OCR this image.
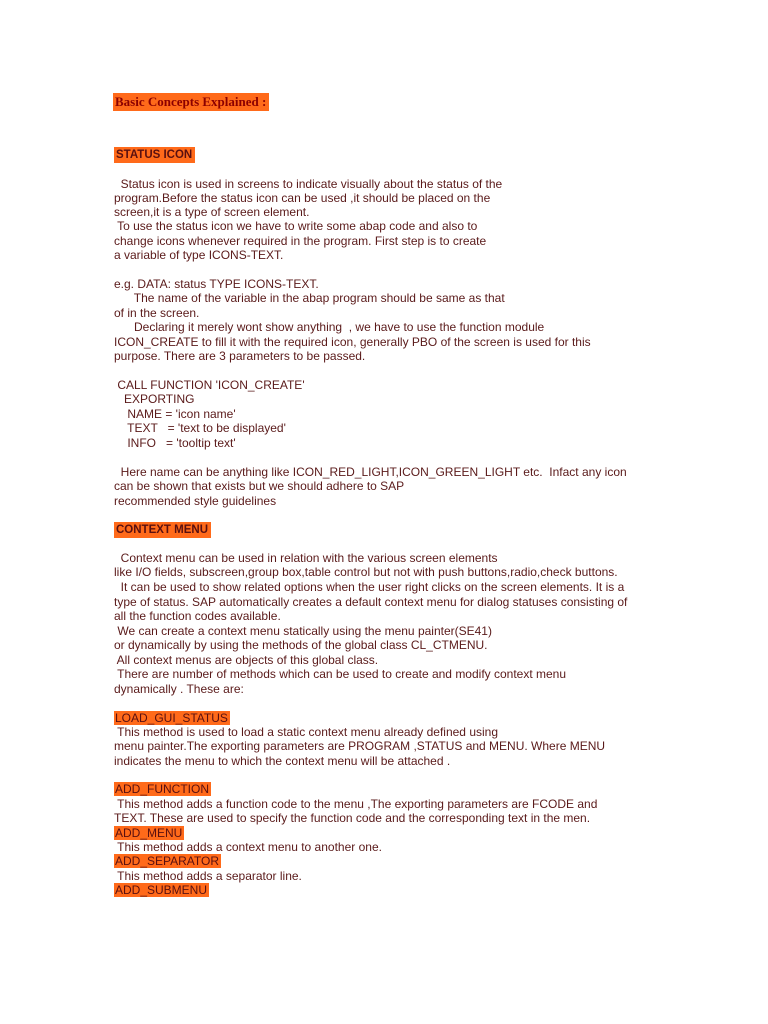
Basic Concepts Explained :
STATUS ICON
Status icon is used in screens to indicate visually about the status of the
program.Before the status icon can be used ,it should be placed on the
screen,it is a type of screen element.
To use the status icon we have to write some abap code and also to
change icons whenever required in the program. First step is to create
a variable of type ICONS-TEXT.
e.g. DATA: status TYPE ICONS-TEXT.
The name of the variable in the abap program should be same as that
of in the screen.
Declaring it merely wont show anything  , we have to use the function module
ICON_CREATE to fill it with the required icon, generally PBO of the screen is used for this
purpose. There are 3 parameters to be passed.
CALL FUNCTION 'ICON_CREATE'
EXPORTING
NAME = 'icon name'
TEXT   = 'text to be displayed'
INFO   = 'tooltip text'
Here name can be anything like ICON_RED_LIGHT,ICON_GREEN_LIGHT etc.  Infact any icon
can be shown that exists but we should adhere to SAP
recommended style guidelines
CONTEXT MENU
Context menu can be used in relation with the various screen elements
like I/O fields, subscreen,group box,table control but not with push buttons,radio,check buttons.
It can be used to show related options when the user right clicks on the screen elements. It is a
type of status. SAP automatically creates a default context menu for dialog statuses consisting of
all the function codes available.
We can create a context menu statically using the menu painter(SE41)
or dynamically by using the methods of the global class CL_CTMENU.
All context menus are objects of this global class.
There are number of methods which can be used to create and modify context menu
dynamically . These are:
LOAD_GUI_STATUS
This method is used to load a static context menu already defined using
menu painter.The exporting parameters are PROGRAM ,STATUS and MENU. Where MENU
indicates the menu to which the context menu will be attached .
ADD_FUNCTION
This method adds a function code to the menu ,The exporting parameters are FCODE and
TEXT. These are used to specify the function code and the corresponding text in the men.
ADD_MENU
This method adds a context menu to another one.
ADD_SEPARATOR
This method adds a separator line.
ADD_SUBMENU
